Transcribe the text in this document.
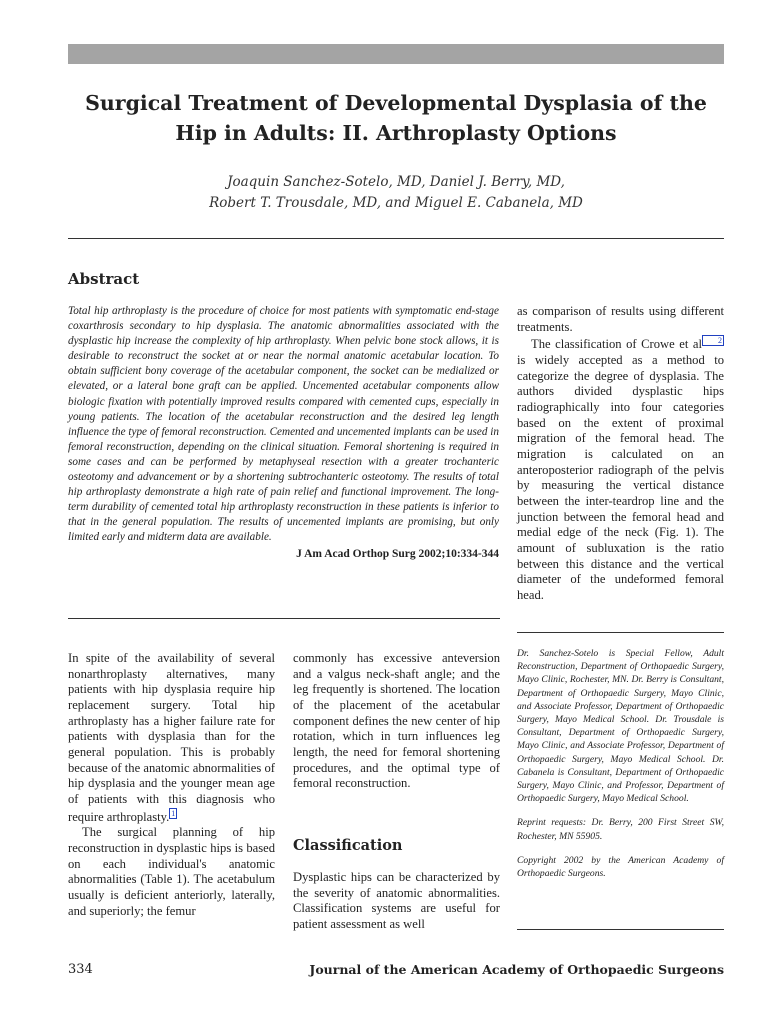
Surgical Treatment of Developmental Dysplasia of the
Hip in Adults: II. Arthroplasty Options
Joaquin Sanchez-Sotelo, MD, Daniel J. Berry, MD,
Robert T. Trousdale, MD, and Miguel E. Cabanela, MD
Abstract
Total hip arthroplasty is the procedure of choice for most patients with symptomatic end-stage coxarthrosis secondary to hip dysplasia. The anatomic abnormalities associated with the dysplastic hip increase the complexity of hip arthroplasty. When pelvic bone stock allows, it is desirable to reconstruct the socket at or near the normal anatomic acetabular location. To obtain sufficient bony coverage of the acetabular component, the socket can be medialized or elevated, or a lateral bone graft can be applied. Uncemented acetabular components allow biologic fixation with potentially improved results compared with cemented cups, especially in young patients. The location of the acetabular reconstruction and the desired leg length influence the type of femoral reconstruction. Cemented and uncemented implants can be used in femoral reconstruction, depending on the clinical situation. Femoral shortening is required in some cases and can be performed by metaphyseal resection with a greater trochanteric osteotomy and advancement or by a shortening subtrochanteric osteotomy. The results of total hip arthroplasty demonstrate a high rate of pain relief and functional improvement. The long-term durability of cemented total hip arthroplasty reconstruction in these patients is inferior to that in the general population. The results of uncemented implants are promising, but only limited early and midterm data are available.
J Am Acad Orthop Surg 2002;10:334-344

as comparison of results using different treatments.

The classification of Crowe et al 2 is widely accepted as a method to categorize the degree of dysplasia. The authors divided dysplastic hips radiographically into four categories based on the extent of proximal migration of the femoral head. The migration is calculated on an anteroposterior radiograph of the pelvis by measuring the vertical distance between the inter-teardrop line and the junction between the femoral head and medial edge of the neck (Fig. 1). The amount of subluxation is the ratio between this distance and the vertical diameter of the undeformed femoral head.

In spite of the availability of several nonarthroplasty alternatives, many patients with hip dysplasia require hip replacement surgery. Total hip arthroplasty has a higher failure rate for patients with dysplasia than for the general population. This is probably because of the anatomic abnormalities of hip dysplasia and the younger mean age of patients with this diagnosis who require arthroplasty. 1

The surgical planning of hip reconstruction in dysplastic hips is based on each individual's anatomic abnormalities (Table 1). The acetabulum usually is deficient anteriorly, laterally, and superiorly; the femur

commonly has excessive anteversion and a valgus neck-shaft angle; and the leg frequently is shortened. The location of the placement of the acetabular component defines the new center of hip rotation, which in turn influences leg length, the need for femoral shortening procedures, and the optimal type of femoral reconstruction.

Classification

Dysplastic hips can be characterized by the severity of anatomic abnormalities. Classification systems are useful for patient assessment as well

Dr. Sanchez-Sotelo is Special Fellow, Adult Reconstruction, Department of Orthopaedic Surgery, Mayo Clinic, Rochester, MN. Dr. Berry is Consultant, Department of Orthopaedic Surgery, Mayo Clinic, and Associate Professor, Department of Orthopaedic Surgery, Mayo Medical School. Dr. Trousdale is Consultant, Department of Orthopaedic Surgery, Mayo Clinic, and Associate Professor, Department of Orthopaedic Surgery, Mayo Medical School. Dr. Cabanela is Consultant, Department of Orthopaedic Surgery, Mayo Clinic, and Professor, Department of Orthopaedic Surgery, Mayo Medical School.

Reprint requests: Dr. Berry, 200 First Street SW, Rochester, MN 55905.

Copyright 2002 by the American Academy of Orthopaedic Surgeons.

334	Journal of the American Academy of Orthopaedic Surgeons
